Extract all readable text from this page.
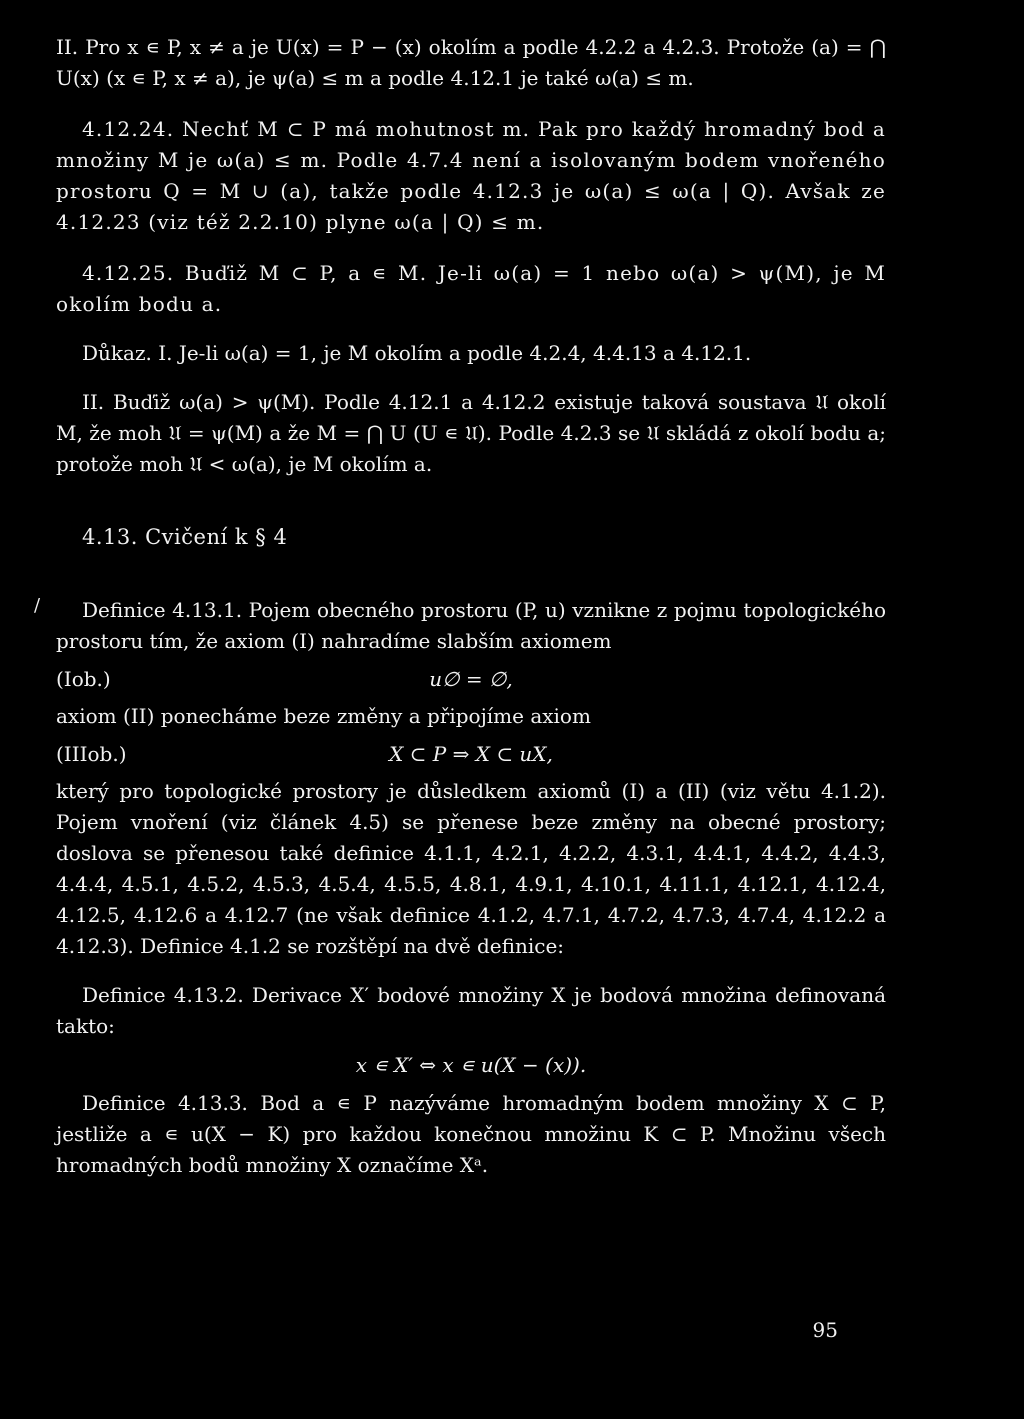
II. Pro x ∊ P, x ≠ a je U(x) = P − (x) okolím a podle 4.2.2 a 4.2.3. Protože (a) = ⋂ U(x) (x ∊ P, x ≠ a), je ψ(a) ≤ m a podle 4.12.1 je také ω(a) ≤ m.

4.12.24. Nechť M ⊂ P má mohutnost m. Pak pro každý hromadný bod a množiny M je ω(a) ≤ m. Podle 4.7.4 není a isolovaným bodem vnořeného prostoru Q = M ∪ (a), takže podle 4.12.3 je ω(a) ≤ ω(a | Q). Avšak ze 4.12.23 (viz též 2.2.10) plyne ω(a | Q) ≤ m.

4.12.25. Buďiž M ⊂ P, a ∊ M. Je-li ω(a) = 1 nebo ω(a) > ψ(M), je M okolím bodu a.

Důkaz. I. Je-li ω(a) = 1, je M okolím a podle 4.2.4, 4.4.13 a 4.12.1.

II. Buďiž ω(a) > ψ(M). Podle 4.12.1 a 4.12.2 existuje taková soustava 𝔘 okolí M, že moh 𝔘 = ψ(M) a že M = ⋂ U (U ∊ 𝔘). Podle 4.2.3 se 𝔘 skládá z okolí bodu a; protože moh 𝔘 < ω(a), je M okolím a.

4.13. Cvičení k § 4
/	Definice 4.13.1. Pojem obecného prostoru (P, u) vznikne z pojmu topologického prostoru tím, že axiom (I) nahradíme slabším axiomem

(Iob.)	u∅ = ∅,

axiom (II) ponecháme beze změny a připojíme axiom

(IIIob.)	X ⊂ P ⇒ X ⊂ uX,

který pro topologické prostory je důsledkem axiomů (I) a (II) (viz větu 4.1.2). Pojem vnoření (viz článek 4.5) se přenese beze změny na obecné prostory; doslova se přenesou také definice 4.1.1, 4.2.1, 4.2.2, 4.3.1, 4.4.1, 4.4.2, 4.4.3, 4.4.4, 4.5.1, 4.5.2, 4.5.3, 4.5.4, 4.5.5, 4.8.1, 4.9.1, 4.10.1, 4.11.1, 4.12.1, 4.12.4, 4.12.5, 4.12.6 a 4.12.7 (ne však definice 4.1.2, 4.7.1, 4.7.2, 4.7.3, 4.7.4, 4.12.2 a 4.12.3). Definice 4.1.2 se rozštěpí na dvě definice:

Definice 4.13.2. Derivace X′ bodové množiny X je bodová množina definovaná takto:

x ∊ X′ ⇔ x ∊ u(X − (x)).

Definice 4.13.3. Bod a ∊ P nazýváme hromadným bodem množiny X ⊂ P, jestliže a ∊ u(X − K) pro každou konečnou množinu K ⊂ P. Množinu všech hromadných bodů množiny X označíme Xᵃ.

95
